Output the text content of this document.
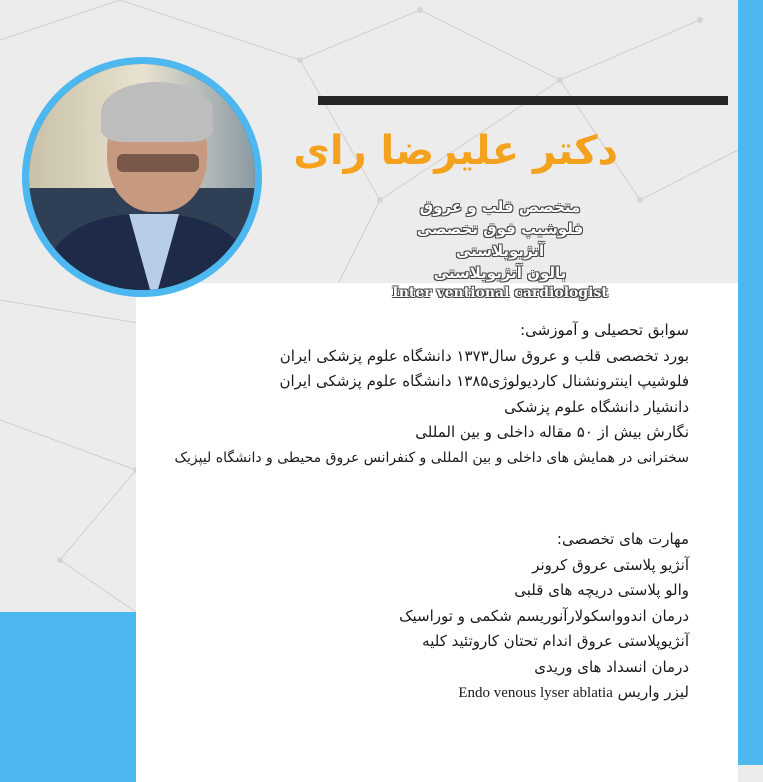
دکتر علیرضا رای
متخصص قلب و عروق
فلوشیپ فوق تخصصی آنژیوپلاستی
بالون آنژیوپلاستی
Inter ventional cardiologist
سوابق تحصیلی و آموزشی:
بورد تخصصی قلب و عروق سال۱۳۷۳ دانشگاه علوم پزشکی ایران
فلوشیپ اینترونشنال کاردیولوژی۱۳۸۵ دانشگاه علوم پزشکی ایران
دانشیار دانشگاه علوم پزشکی
نگارش بیش از ۵۰ مقاله داخلی و بین المللی
سخنرانی در همایش های داخلی و بین المللی و کنفرانس عروق محیطی و دانشگاه لیپزیک
مهارت های تخصصی:
آنژیو پلاستی عروق کرونر
والو پلاستی دریچه های قلبی
درمان اندوواسکولارآنوریسم شکمی و توراسیک
آنژیوپلاستی عروق اندام تحتان کاروتئید کلیه
درمان انسداد های وریدی
لیزر واریس Endo venous lyser ablatia
